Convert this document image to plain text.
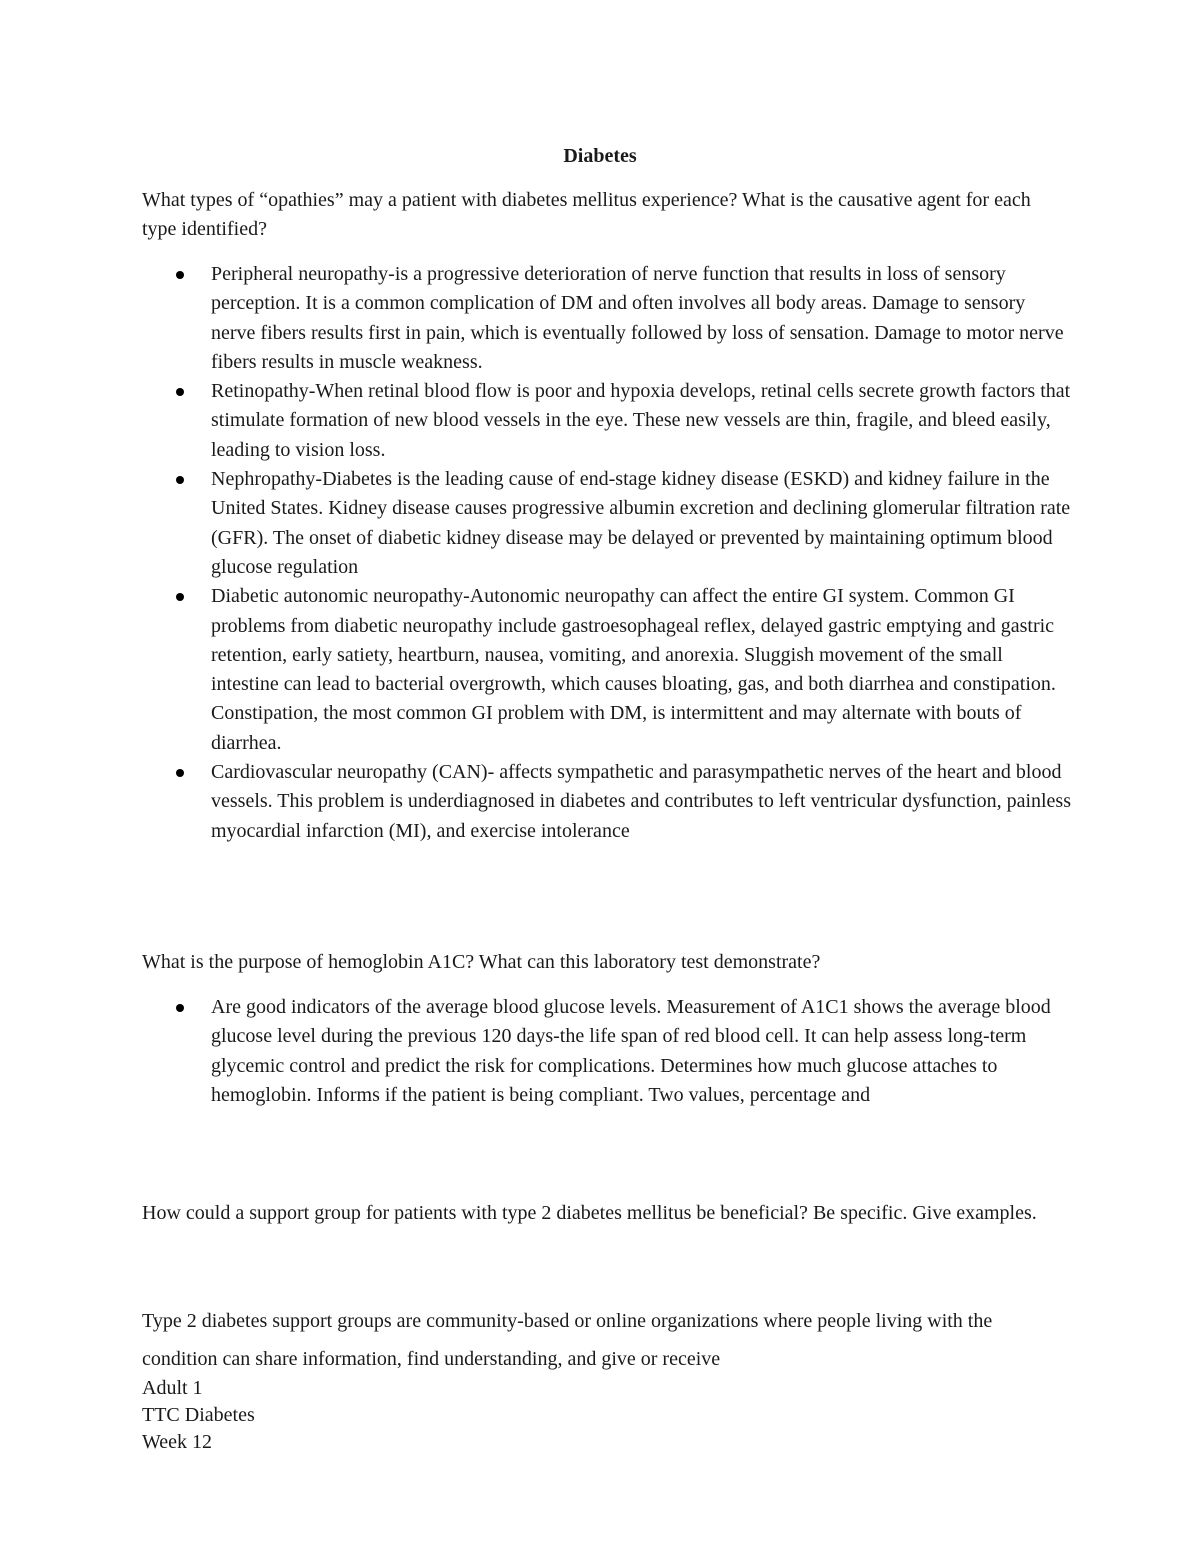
Diabetes

What types of “opathies” may a patient with diabetes mellitus experience? What is the causative agent for each type identified?

Peripheral neuropathy-is a progressive deterioration of nerve function that results in loss of sensory perception. It is a common complication of DM and often involves all body areas. Damage to sensory nerve fibers results first in pain, which is eventually followed by loss of sensation. Damage to motor nerve fibers results in muscle weakness.
Retinopathy-When retinal blood flow is poor and hypoxia develops, retinal cells secrete growth factors that stimulate formation of new blood vessels in the eye. These new vessels are thin, fragile, and bleed easily, leading to vision loss.
Nephropathy-Diabetes is the leading cause of end-stage kidney disease (ESKD) and kidney failure in the United States. Kidney disease causes progressive albumin excretion and declining glomerular filtration rate (GFR). The onset of diabetic kidney disease may be delayed or prevented by maintaining optimum blood glucose regulation
Diabetic autonomic neuropathy-Autonomic neuropathy can affect the entire GI system. Common GI problems from diabetic neuropathy include gastroesophageal reflex, delayed gastric emptying and gastric retention, early satiety, heartburn, nausea, vomiting, and anorexia. Sluggish movement of the small intestine can lead to bacterial overgrowth, which causes bloating, gas, and both diarrhea and constipation. Constipation, the most common GI problem with DM, is intermittent and may alternate with bouts of diarrhea.
Cardiovascular neuropathy (CAN)- affects sympathetic and parasympathetic nerves of the heart and blood vessels. This problem is underdiagnosed in diabetes and contributes to left ventricular dysfunction, painless myocardial infarction (MI), and exercise intolerance

What is the purpose of hemoglobin A1C? What can this laboratory test demonstrate?

Are good indicators of the average blood glucose levels. Measurement of A1C1 shows the average blood glucose level during the previous 120 days-the life span of red blood cell. It can help assess long-term glycemic control and predict the risk for complications. Determines how much glucose attaches to hemoglobin. Informs if the patient is being compliant. Two values, percentage and

How could a support group for patients with type 2 diabetes mellitus be beneficial? Be specific. Give examples.

Type 2 diabetes support groups are community-based or online organizations where people living with the condition can share information, find understanding, and give or receive

Adult 1
TTC Diabetes
Week 12
